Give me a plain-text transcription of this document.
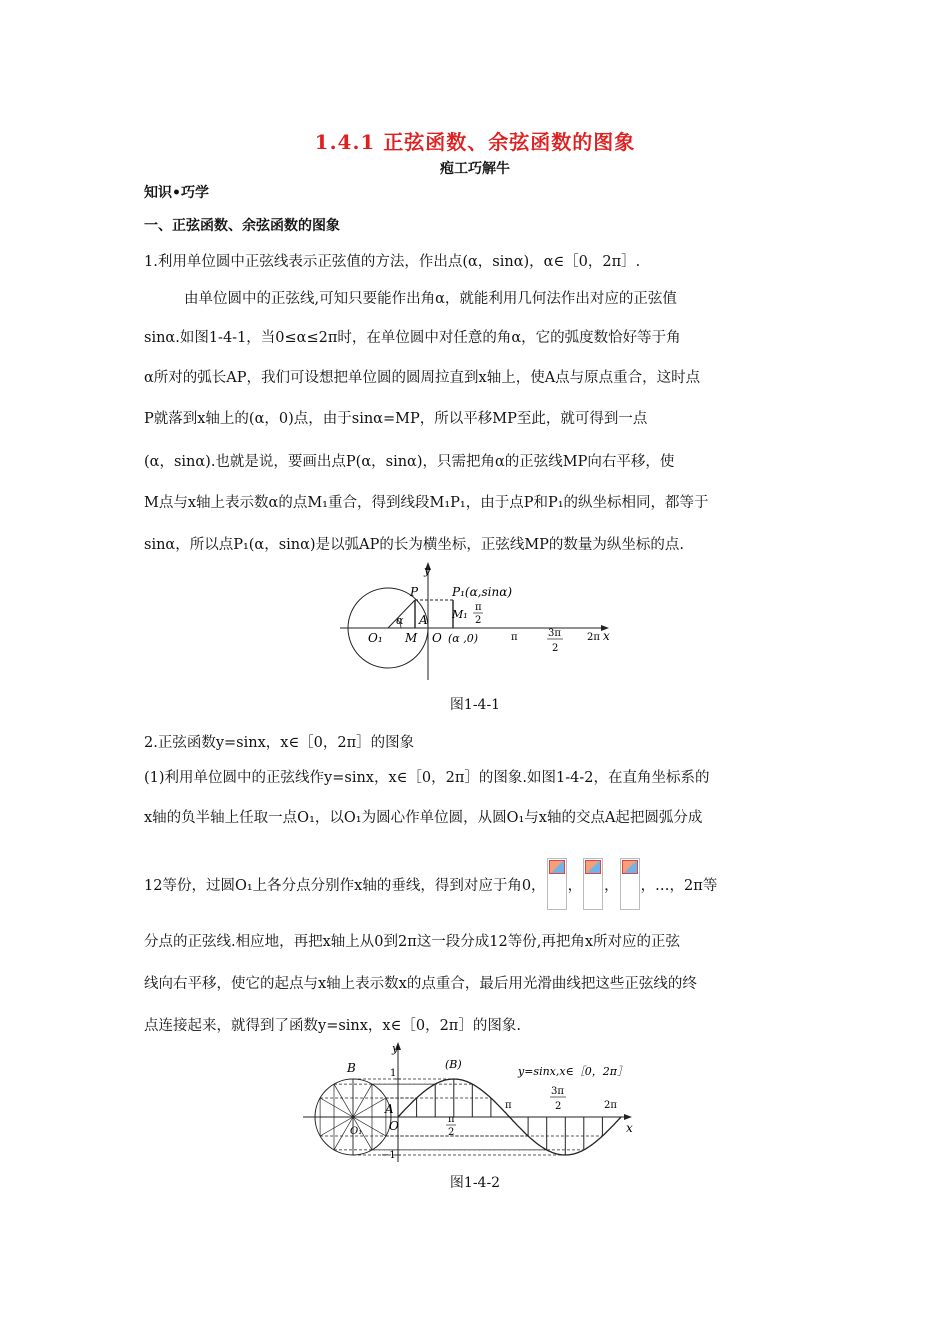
1.4.1 正弦函数、余弦函数的图象
疱工巧解牛
知识•巧学
一、正弦函数、余弦函数的图象
1.利用单位圆中正弦线表示正弦值的方法，作出点(α，sinα)，α∈［0，2π］.
由单位圆中的正弦线,可知只要能作出角α，就能利用几何法作出对应的正弦值
sinα.如图1-4-1，当0≤α≤2π时，在单位圆中对任意的角α，它的弧度数恰好等于角
α所对的弧长AP，我们可设想把单位圆的圆周拉直到x轴上，使A点与原点重合，这时点
P就落到x轴上的(α，0)点，由于sinα=MP，所以平移MP至此，就可得到一点
(α，sinα).也就是说，要画出点P(α，sinα)，只需把角α的正弦线MP向右平移，使
M点与x轴上表示数α的点M₁重合，得到线段M₁P₁，由于点P和P₁的纵坐标相同，都等于
sinα，所以点P₁(α，sinα)是以弧AP的长为横坐标，正弦线MP的数量为纵坐标的点.
y
x
P	P₁(α,sinα)
M₁
π
2
α A
O₁ M O (α ,0)	π	3π
2
2π
图1-4-1
2.正弦函数y=sinx，x∈［0，2π］的图象
(1)利用单位圆中的正弦线作y=sinx，x∈［0，2π］的图象.如图1-4-2，在直角坐标系的
x轴的负半轴上任取一点O₁，以O₁为圆心作单位圆，从圆O₁与x轴的交点A起把圆弧分成
12等份，过圆O₁上各分点分别作x轴的垂线，得到对应于角0， ， ， ，…，2π等
分点的正弦线.相应地，再把x轴上从0到2π这一段分成12等份,再把角x所对应的正弦
线向右平移，使它的起点与x轴上表示数x的点重合，最后用光滑曲线把这些正弦线的终
点连接起来，就得到了函数y=sinx，x∈［0，2π］的图象.
y
x
B	(B)
1
A
O
O₁
−1
π
2
π
3π
2	2π
y=sinx,x∈［0，2π］
图1-4-2
